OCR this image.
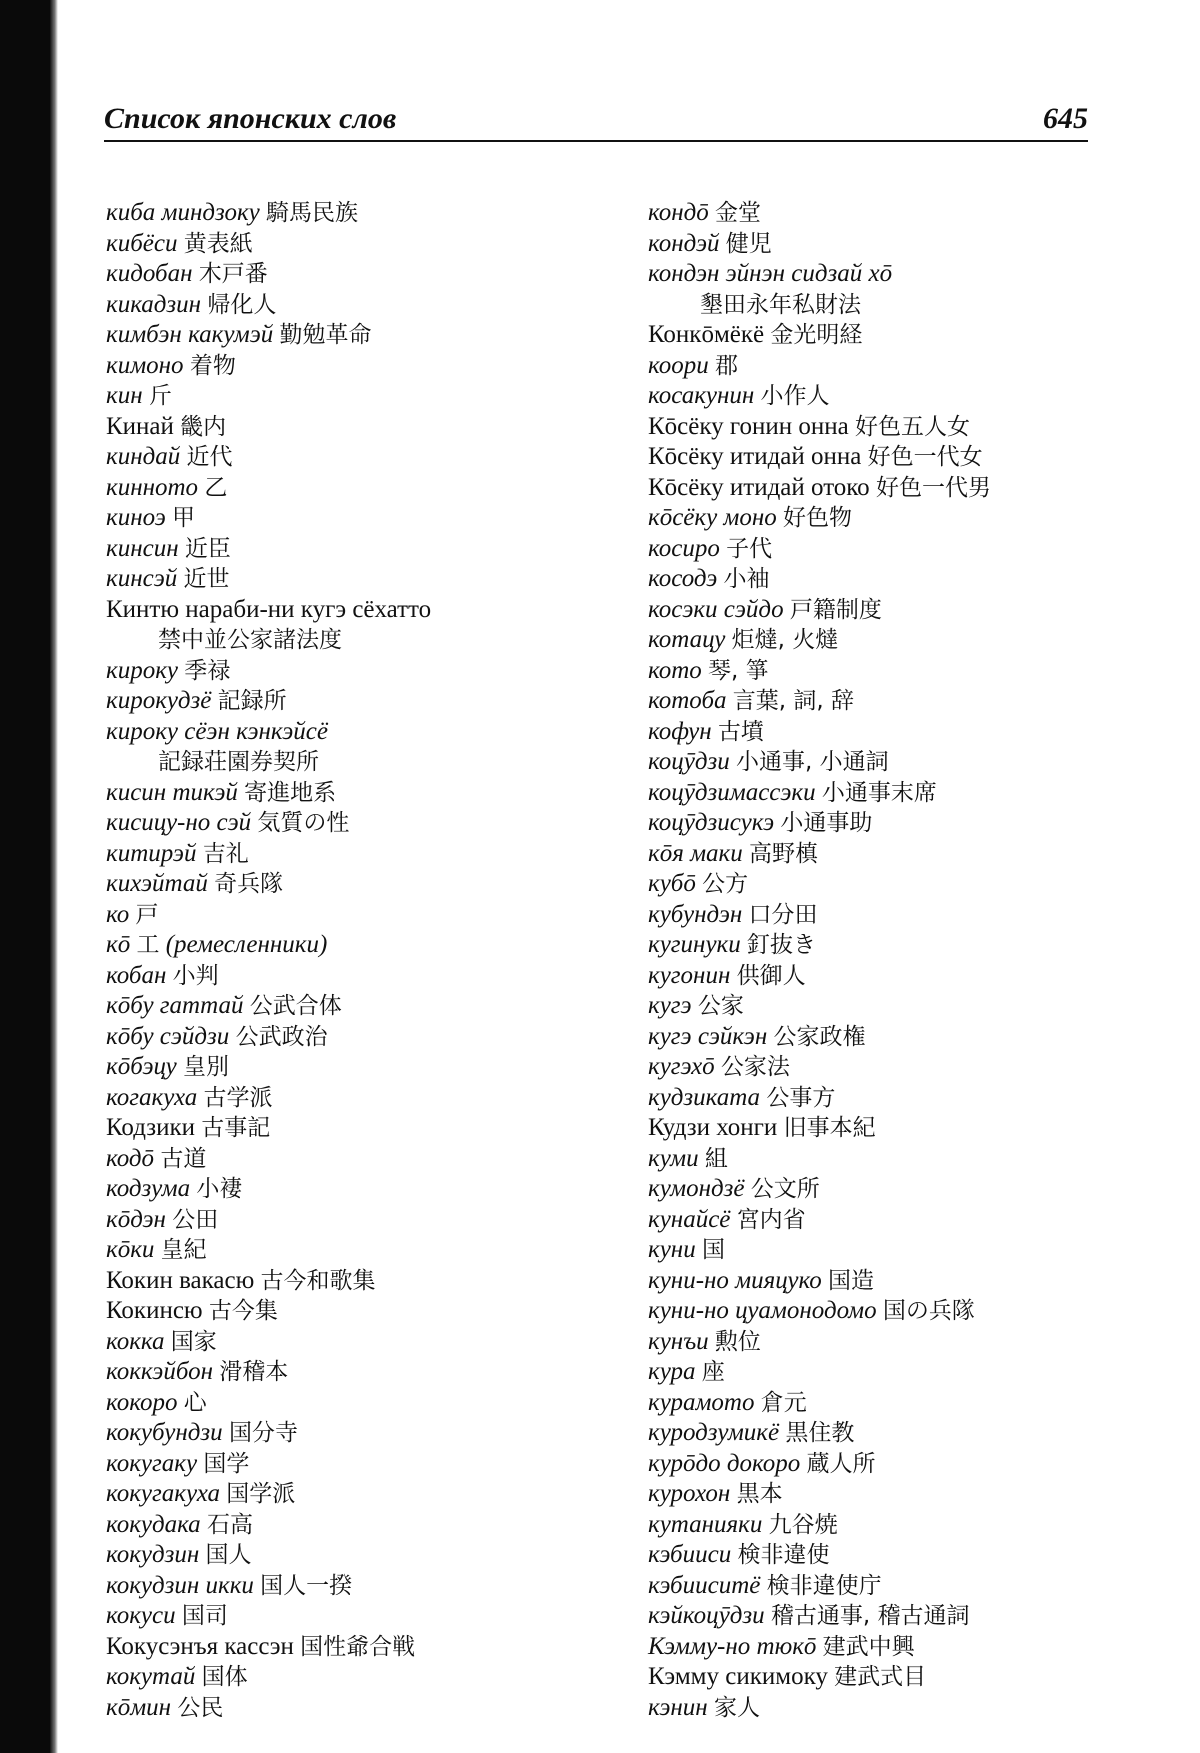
Список японских слов	645
киба миндзоку 騎馬民族
кибёси 黄表紙
кидобан 木戸番
кикадзин 帰化人
кимбэн какумэй 勤勉革命
кимоно 着物
кин 斤
Кинай 畿内
киндай 近代
кинното 乙
киноэ 甲
кинсин 近臣
кинсэй 近世
Кинтю нараби-ни кугэ сёхатто
禁中並公家諸法度
кироку 季禄
кирокудзё 記録所
кироку сёэн кэнкэйсё
記録荘園券契所
кисин тикэй 寄進地系
кисицу-но сэй 気質の性
китирэй 吉礼
кихэйтай 奇兵隊
ко 戸
кō 工 (ремесленники)
кобан 小判
кōбу гаттай 公武合体
кōбу сэйдзи 公武政治
кōбэцу 皇別
когакуха 古学派
Кодзики 古事記
кодō 古道
кодзума 小褄
кōдэн 公田
кōки 皇紀
Кокин вакасю 古今和歌集
Кокинсю 古今集
кокка 国家
коккэйбон 滑稽本
кокоро 心
кокубундзи 国分寺
кокугаку 国学
кокугакуха 国学派
кокудака 石高
кокудзин 国人
кокудзин икки 国人一揆
кокуси 国司
Кокусэнъя кассэн 国性爺合戦
кокутай 国体
кōмин 公民
кондō 金堂
кондэй 健児
кондэн эйнэн сидзай хō
墾田永年私財法
Конкōмёкё 金光明経
коори 郡
косакунин 小作人
Кōсёку гонин онна 好色五人女
Кōсёку итидай онна 好色一代女
Кōсёку итидай отоко 好色一代男
кōсёку моно 好色物
косиро 子代
косодэ 小袖
косэки сэйдо 戸籍制度
котацу 炬燵, 火燵
кото 琴, 箏
котоба 言葉, 詞, 辞
кофун 古墳
коцӯдзи 小通事, 小通詞
коцӯдзимассэки 小通事末席
коцӯдзисукэ 小通事助
кōя маки 高野槙
кубō 公方
кубундэн 口分田
кугинуки 釘抜き
кугонин 供御人
кугэ 公家
кугэ сэйкэн 公家政権
кугэхō 公家法
кудзиката 公事方
Кудзи хонги 旧事本紀
куми 組
кумондзё 公文所
кунайсё 宮内省
куни 国
куни-но мияцуко 国造
куни-но цуамонодомо 国の兵隊
кунъи 勲位
кура 座
курамото 倉元
куродзумикё 黒住教
курōдо докоро 蔵人所
курохон 黒本
кутанияки 九谷焼
кэбииси 検非違使
кэбииситё 検非違使庁
кэйкоцӯдзи 稽古通事, 稽古通詞
Кэмму-но тюкō 建武中興
Кэмму сикимоку 建武式目
кэнин 家人
